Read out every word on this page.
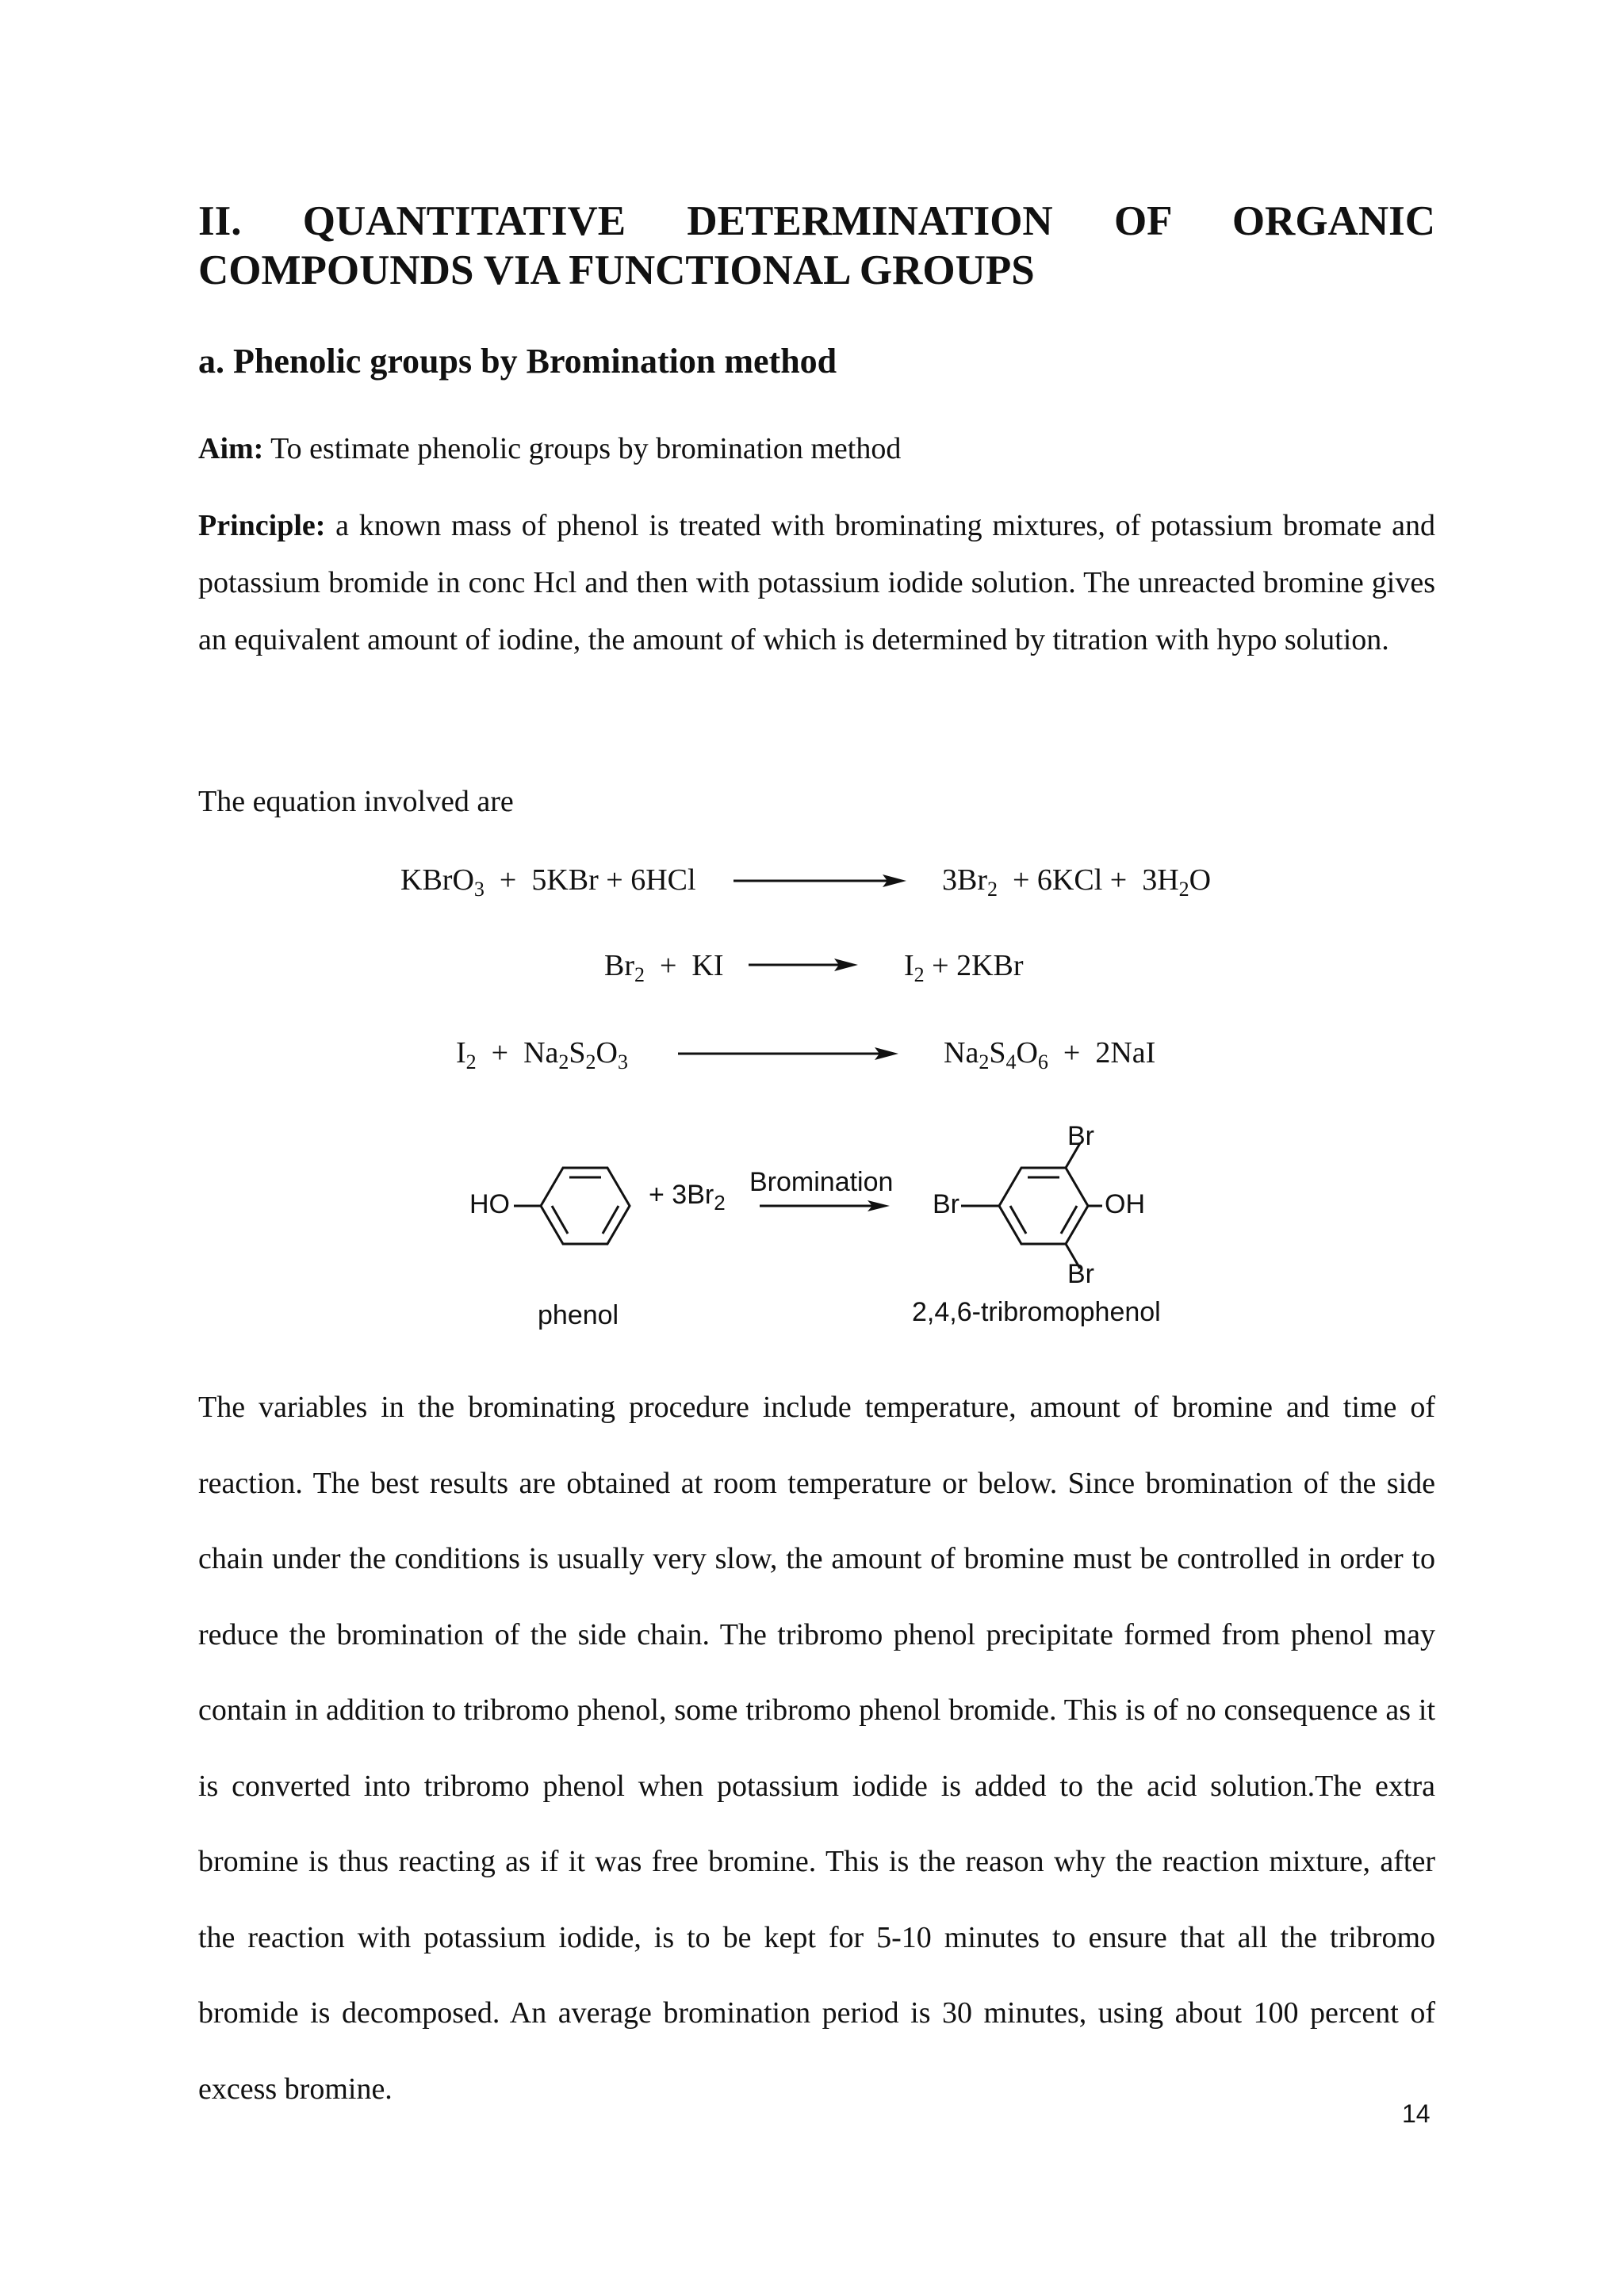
II. QUANTITATIVE DETERMINATION OF ORGANIC
COMPOUNDS VIA FUNCTIONAL GROUPS
a. Phenolic groups by Bromination method
Aim: To estimate phenolic groups by bromination method
Principle: a known mass of phenol is treated with brominating mixtures, of potassium bromate and potassium bromide in conc Hcl and then with potassium iodide solution. The unreacted bromine gives an equivalent amount of iodine, the amount of which is determined by titration with hypo solution.
The equation involved are
KBrO$_3$  +  5KBr + 6HCl	$3Br_2 + 6KCl + 3H_2O$
$Br_2$  +  KI	$I_2 + 2KBr$
$I_2 + Na_2S_2O_3$	$Na_2S_4O_6 + 2NaI$
HO	+ $3Br_2$
Bromination
Br
Br	OH
Br
phenol	2,4,6-tribromophenol

The variables in the brominating procedure include temperature, amount of bromine and time of reaction. The best results are obtained at room temperature or below. Since bromination of the side chain under the conditions is usually very slow, the amount of bromine must be controlled in order to reduce the bromination of the side chain. The tribromo phenol precipitate formed from phenol may contain in addition to tribromo phenol, some tribromo phenol bromide. This is of no consequence as it is converted into tribromo phenol when potassium iodide is added to the acid solution.The extra bromine is thus reacting as if it was free bromine. This is the reason why the reaction mixture, after the reaction with potassium iodide, is to be kept for 5-10 minutes to ensure that all the tribromo bromide is decomposed. An average bromination period is 30 minutes, using about 100 percent of excess bromine.

14
